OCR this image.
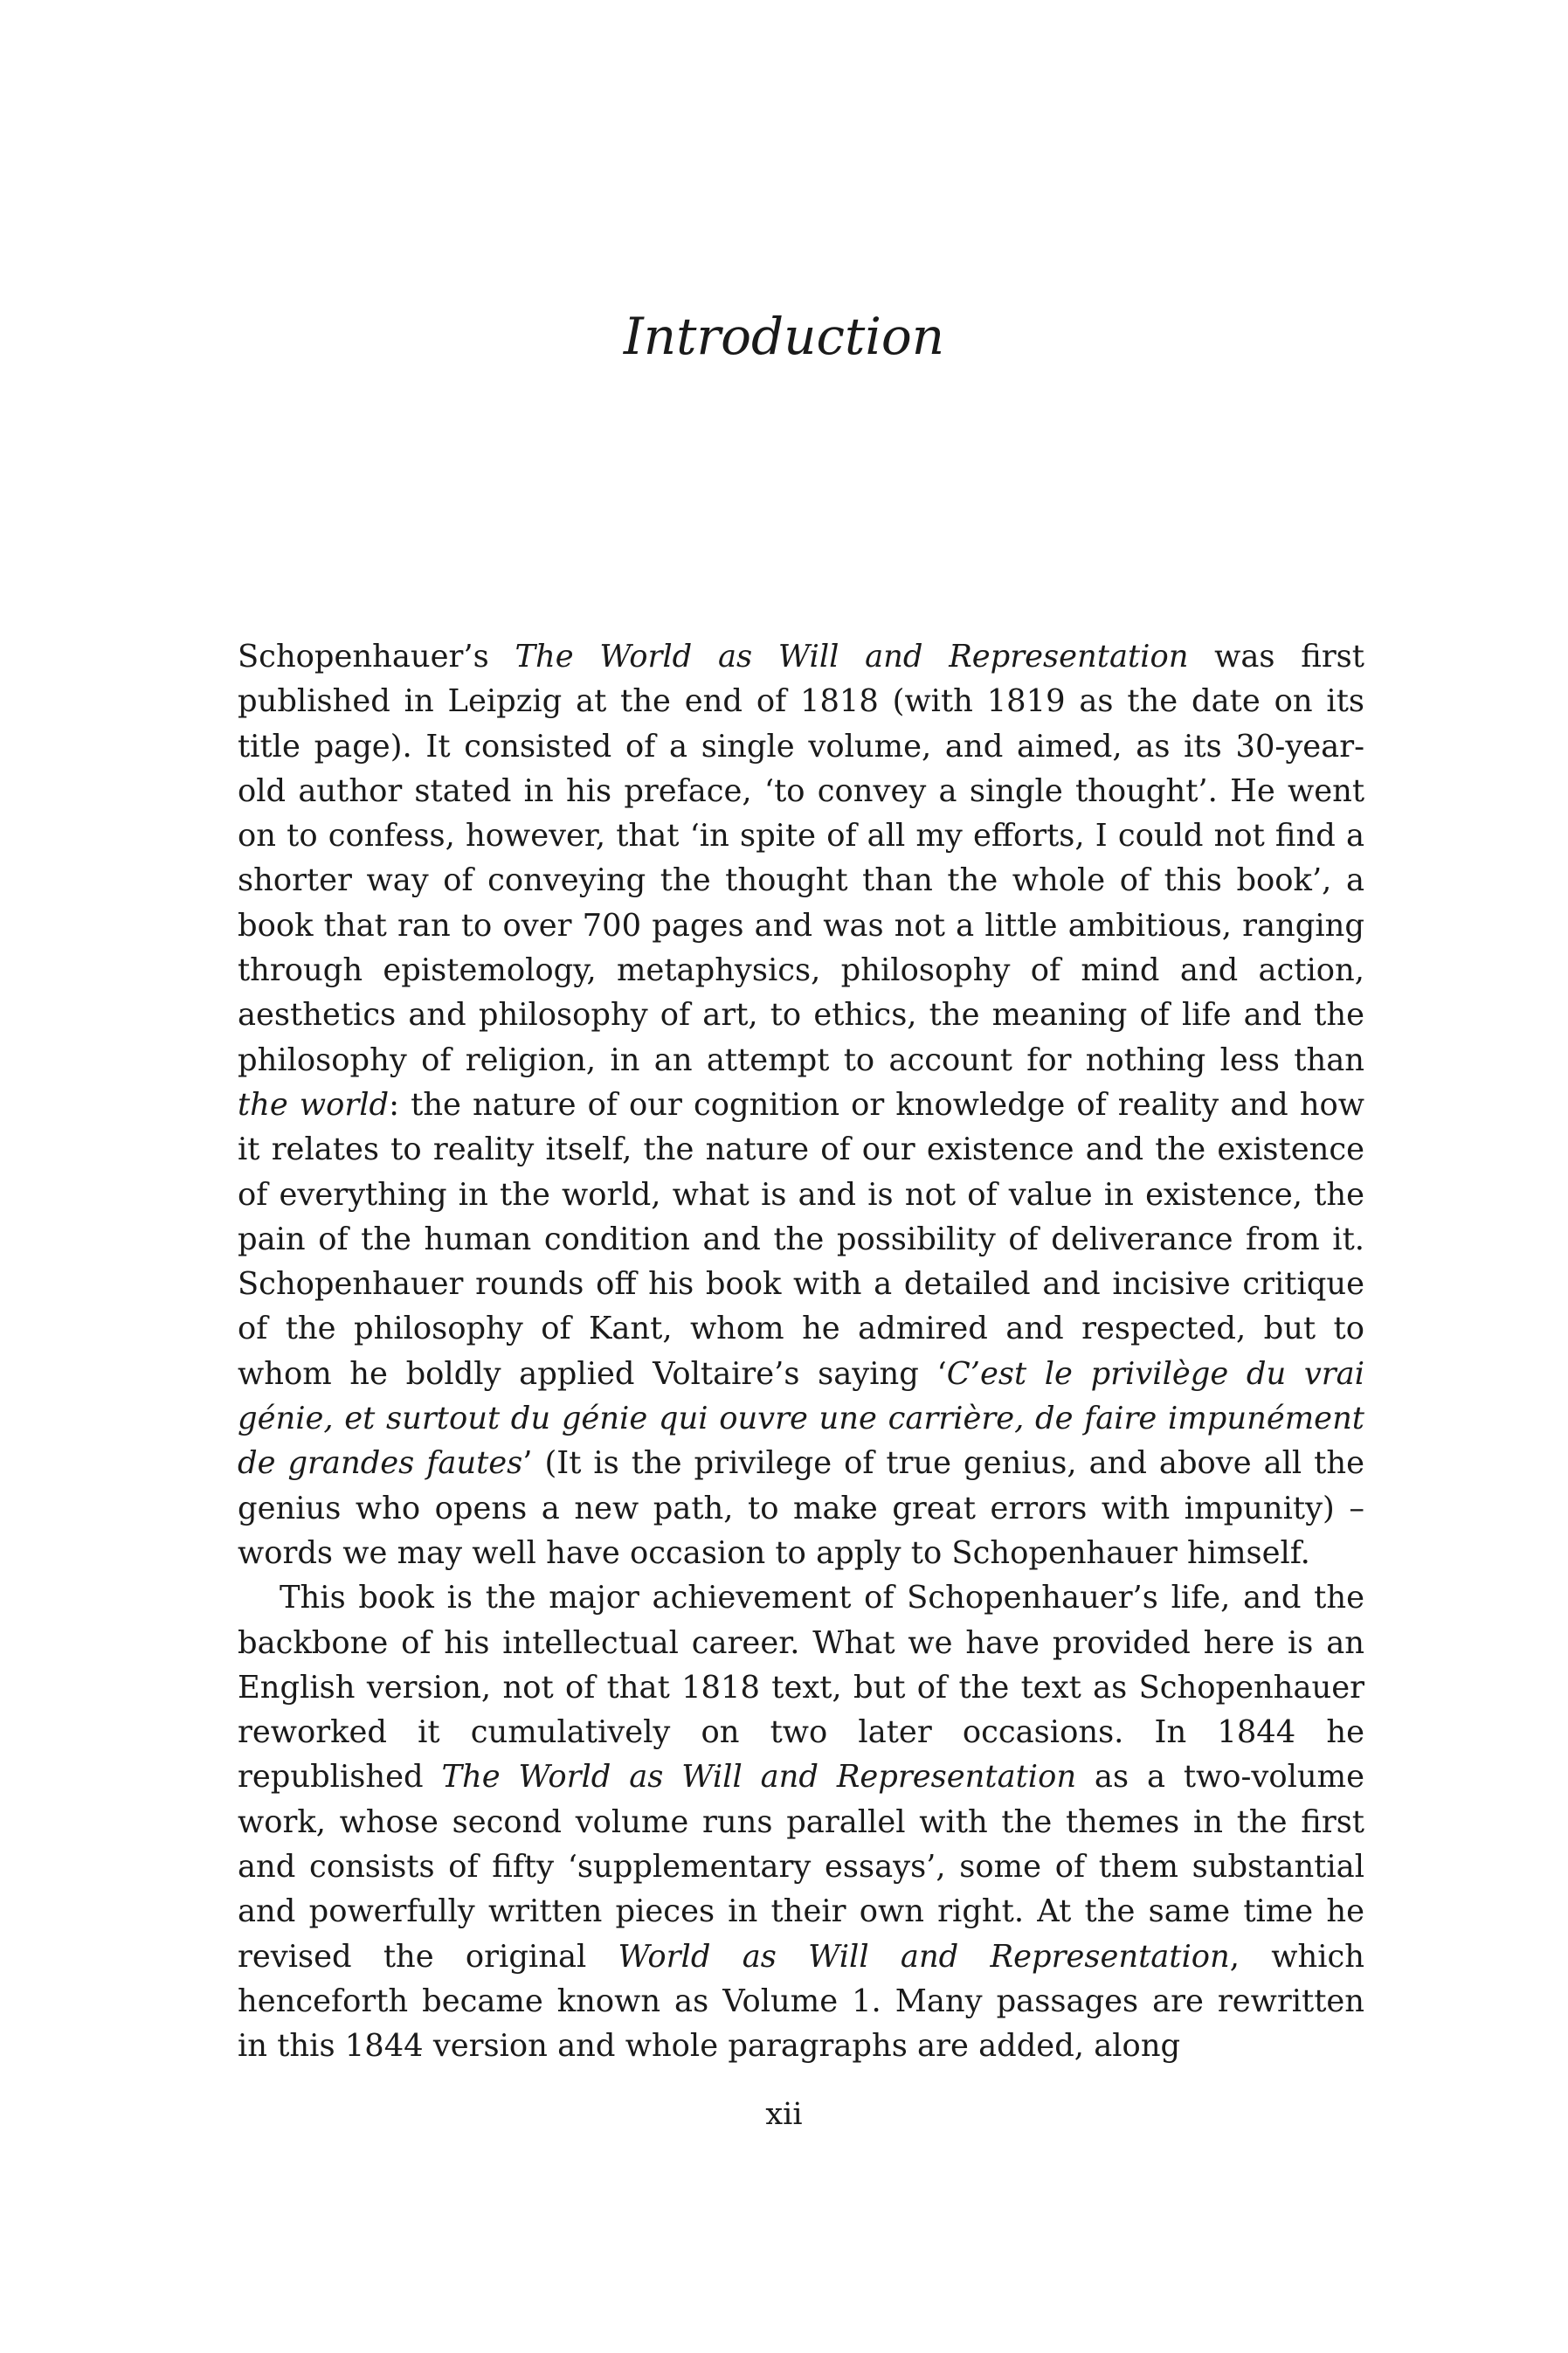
Introduction

Schopenhauer’s The World as Will and Representation was first published in Leipzig at the end of 1818 (with 1819 as the date on its title page). It consisted of a single volume, and aimed, as its 30-year-old author stated in his preface, ‘to convey a single thought’. He went on to confess, however, that ‘in spite of all my efforts, I could not find a shorter way of conveying the thought than the whole of this book’, a book that ran to over 700 pages and was not a little ambitious, ranging through epistemology, metaphysics, philosophy of mind and action, aesthetics and philosophy of art, to ethics, the meaning of life and the philosophy of religion, in an attempt to account for nothing less than the world: the nature of our cognition or knowledge of reality and how it relates to reality itself, the nature of our existence and the existence of everything in the world, what is and is not of value in existence, the pain of the human condition and the possibility of deliverance from it. Schopenhauer rounds off his book with a detailed and incisive critique of the philosophy of Kant, whom he admired and respected, but to whom he boldly applied Voltaire’s saying ‘C’est le privilège du vrai génie, et surtout du génie qui ouvre une carrière, de faire impunément de grandes fautes’ (It is the privilege of true genius, and above all the genius who opens a new path, to make great errors with impunity) – words we may well have occasion to apply to Schopenhauer himself.

This book is the major achievement of Schopenhauer’s life, and the backbone of his intellectual career. What we have provided here is an English version, not of that 1818 text, but of the text as Schopenhauer reworked it cumulatively on two later occasions. In 1844 he republished The World as Will and Representation as a two-volume work, whose second volume runs parallel with the themes in the first and consists of fifty ‘supplementary essays’, some of them substantial and powerfully written pieces in their own right. At the same time he revised the original World as Will and Representation, which henceforth became known as Volume 1. Many passages are rewritten in this 1844 version and whole paragraphs are added, along

xii
